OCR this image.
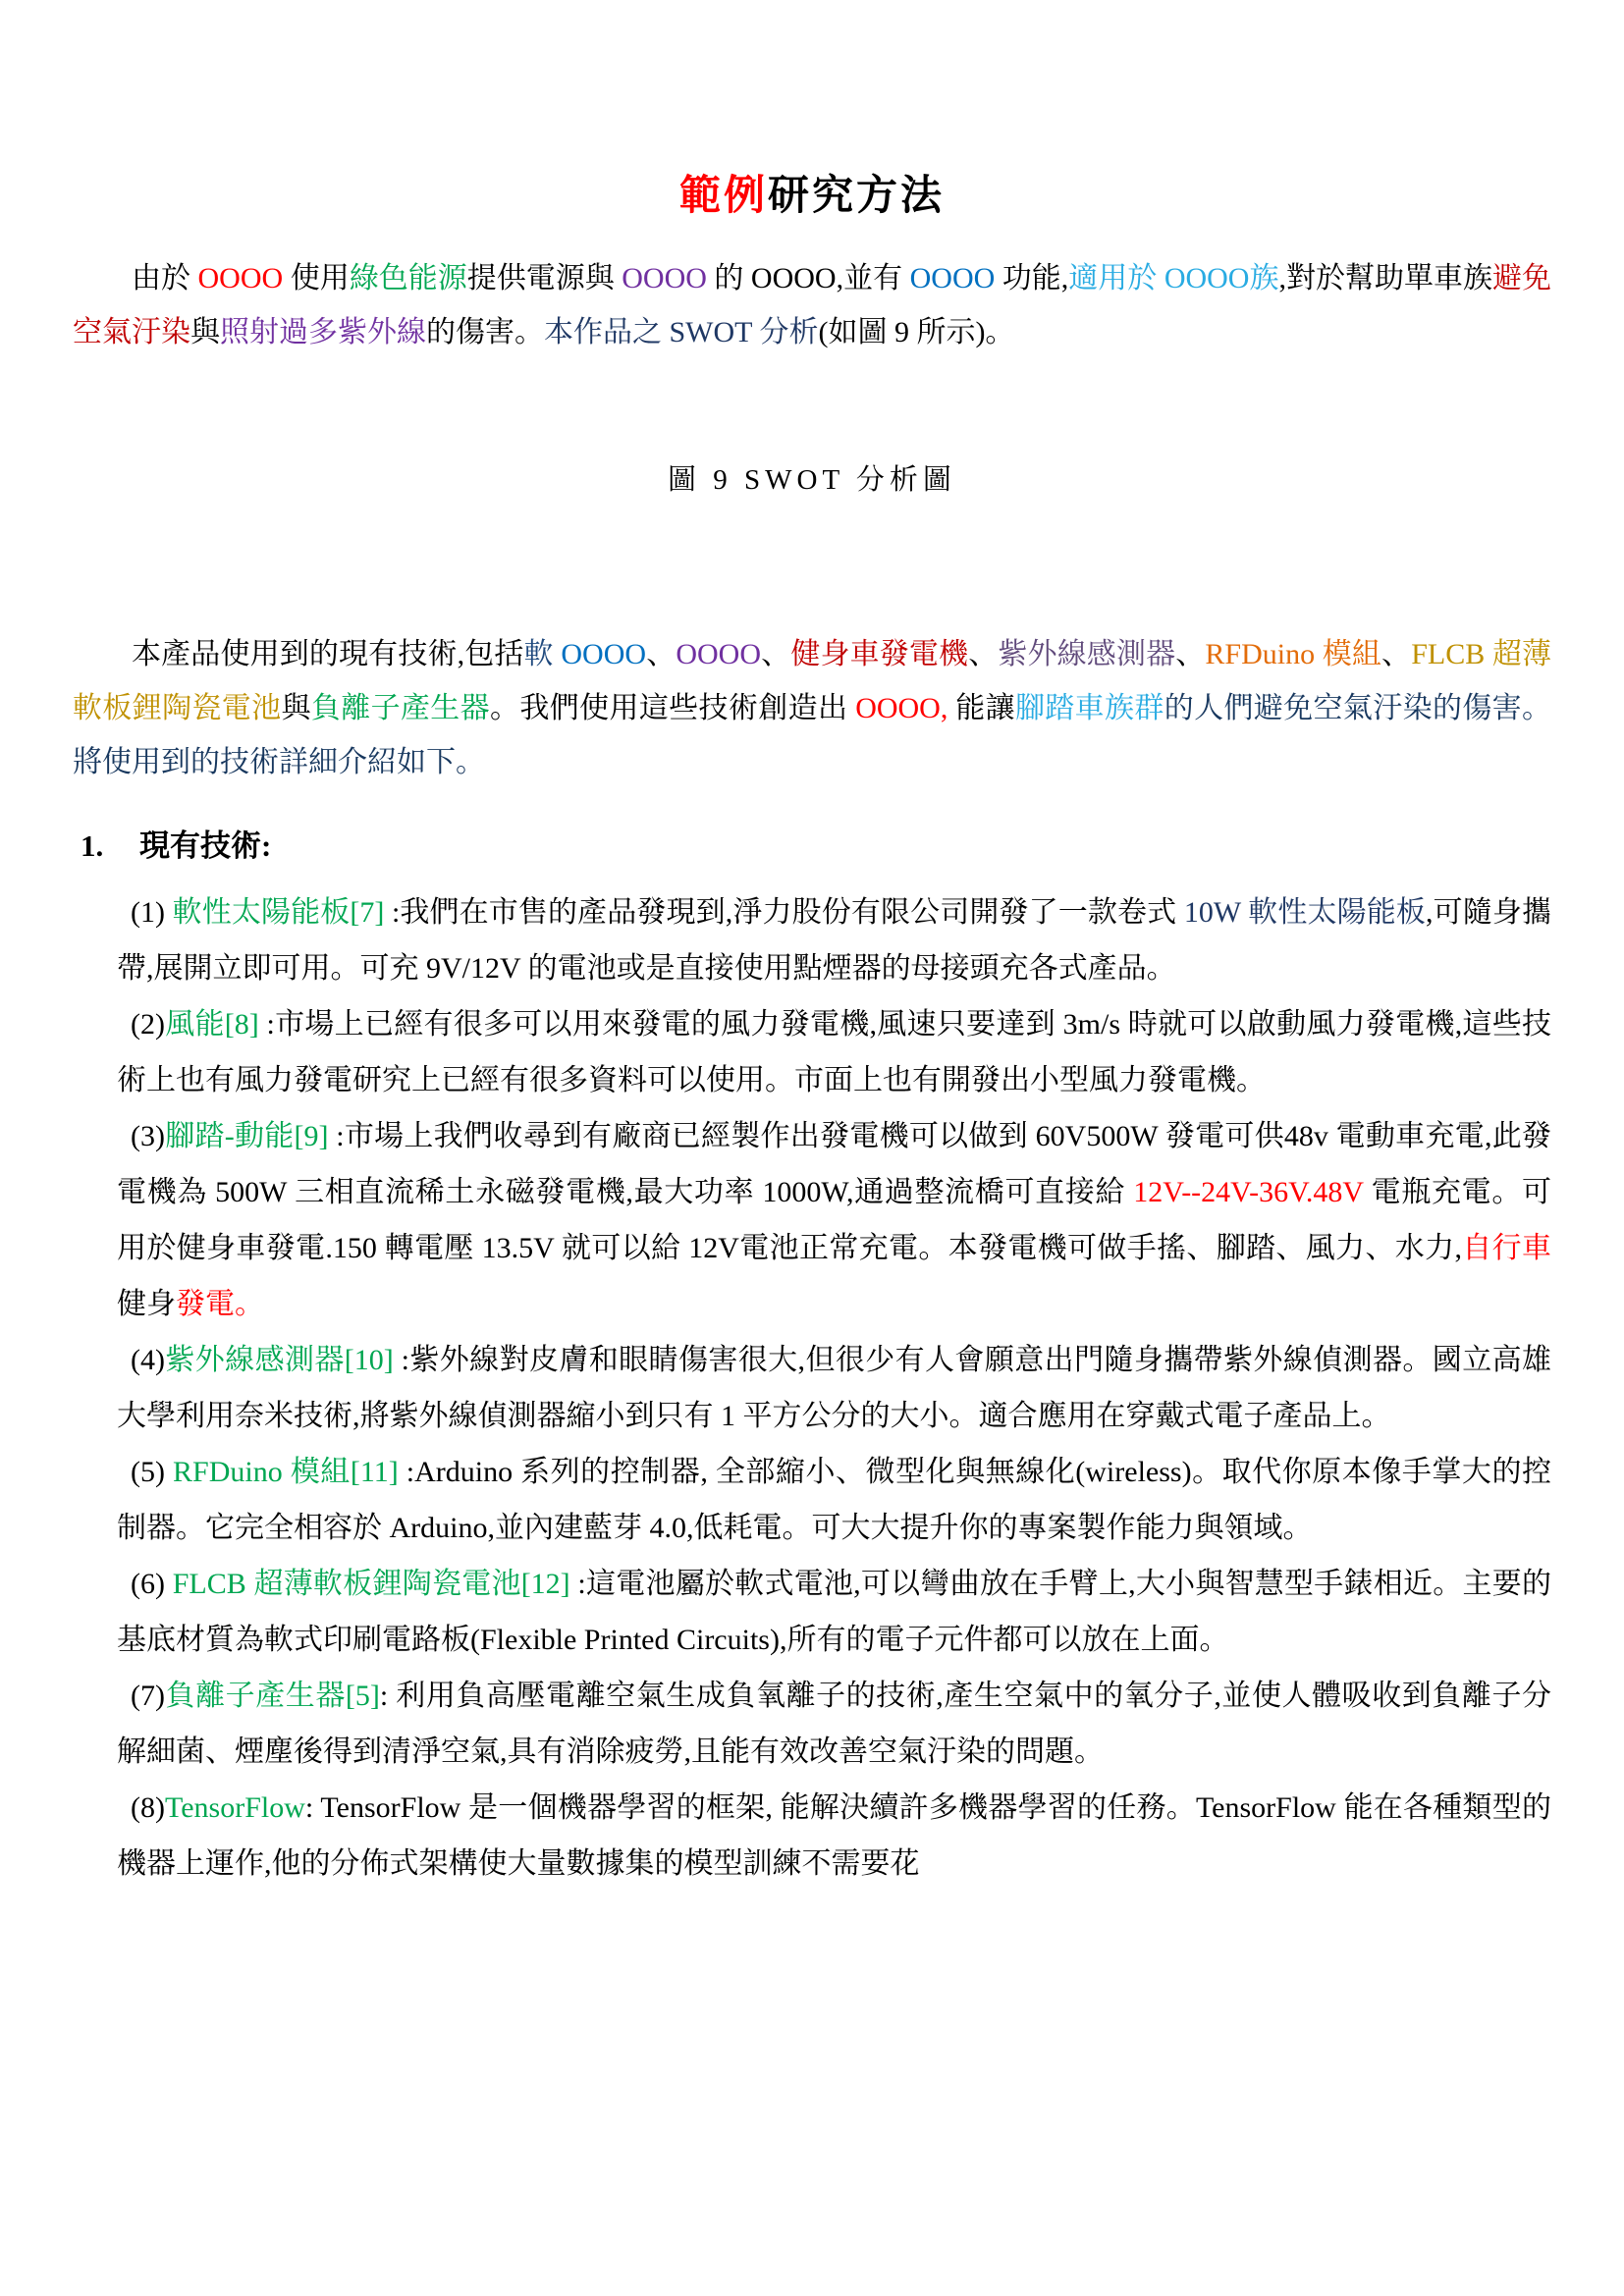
範例研究方法

由於 OOOO 使用綠色能源提供電源與 OOOO 的 OOOO,並有 OOOO 功能,適用於 OOOO族,對於幫助單車族避免空氣汙染與照射過多紫外線的傷害。本作品之 SWOT 分析(如圖 9 所示)。

圖 9 SWOT 分析圖

本產品使用到的現有技術,包括軟 OOOO、OOOO、健身車發電機、紫外線感測器、RFDuino 模組、FLCB 超薄軟板鋰陶瓷電池與負離子產生器。我們使用這些技術創造出 OOOO, 能讓腳踏車族群的人們避免空氣汙染的傷害。將使用到的技術詳細介紹如下。

1. 現有技術:

(1) 軟性太陽能板[7] :我們在市售的產品發現到,淨力股份有限公司開發了一款卷式 10W 軟性太陽能板,可隨身攜帶,展開立即可用。可充 9V/12V 的電池或是直接使用點煙器的母接頭充各式產品。

(2)風能[8] :市場上已經有很多可以用來發電的風力發電機,風速只要達到 3m/s 時就可以啟動風力發電機,這些技術上也有風力發電研究上已經有很多資料可以使用。市面上也有開發出小型風力發電機。

(3)腳踏-動能[9] :市場上我們收尋到有廠商已經製作出發電機可以做到 60V500W 發電可供48v 電動車充電,此發電機為 500W 三相直流稀土永磁發電機,最大功率 1000W,通過整流橋可直接給 12V--24V-36V.48V 電瓶充電。可用於健身車發電.150 轉電壓 13.5V 就可以給 12V電池正常充電。本發電機可做手搖、腳踏、風力、水力,自行車健身發電。

(4)紫外線感測器[10] :紫外線對皮膚和眼睛傷害很大,但很少有人會願意出門隨身攜帶紫外線偵測器。國立高雄大學利用奈米技術,將紫外線偵測器縮小到只有 1 平方公分的大小。適合應用在穿戴式電子產品上。

(5) RFDuino 模組[11] :Arduino 系列的控制器, 全部縮小、微型化與無線化(wireless)。取代你原本像手掌大的控制器。它完全相容於 Arduino,並內建藍芽 4.0,低耗電。可大大提升你的專案製作能力與領域。

(6) FLCB 超薄軟板鋰陶瓷電池[12] :這電池屬於軟式電池,可以彎曲放在手臂上,大小與智慧型手錶相近。主要的基底材質為軟式印刷電路板(Flexible Printed Circuits),所有的電子元件都可以放在上面。

(7)負離子產生器[5]: 利用負高壓電離空氣生成負氧離子的技術,產生空氣中的氧分子,並使人體吸收到負離子分解細菌、煙塵後得到清淨空氣,具有消除疲勞,且能有效改善空氣汙染的問題。

(8)TensorFlow: TensorFlow 是一個機器學習的框架, 能解決續許多機器學習的任務。TensorFlow 能在各種類型的機器上運作,他的分佈式架構使大量數據集的模型訓練不需要花
